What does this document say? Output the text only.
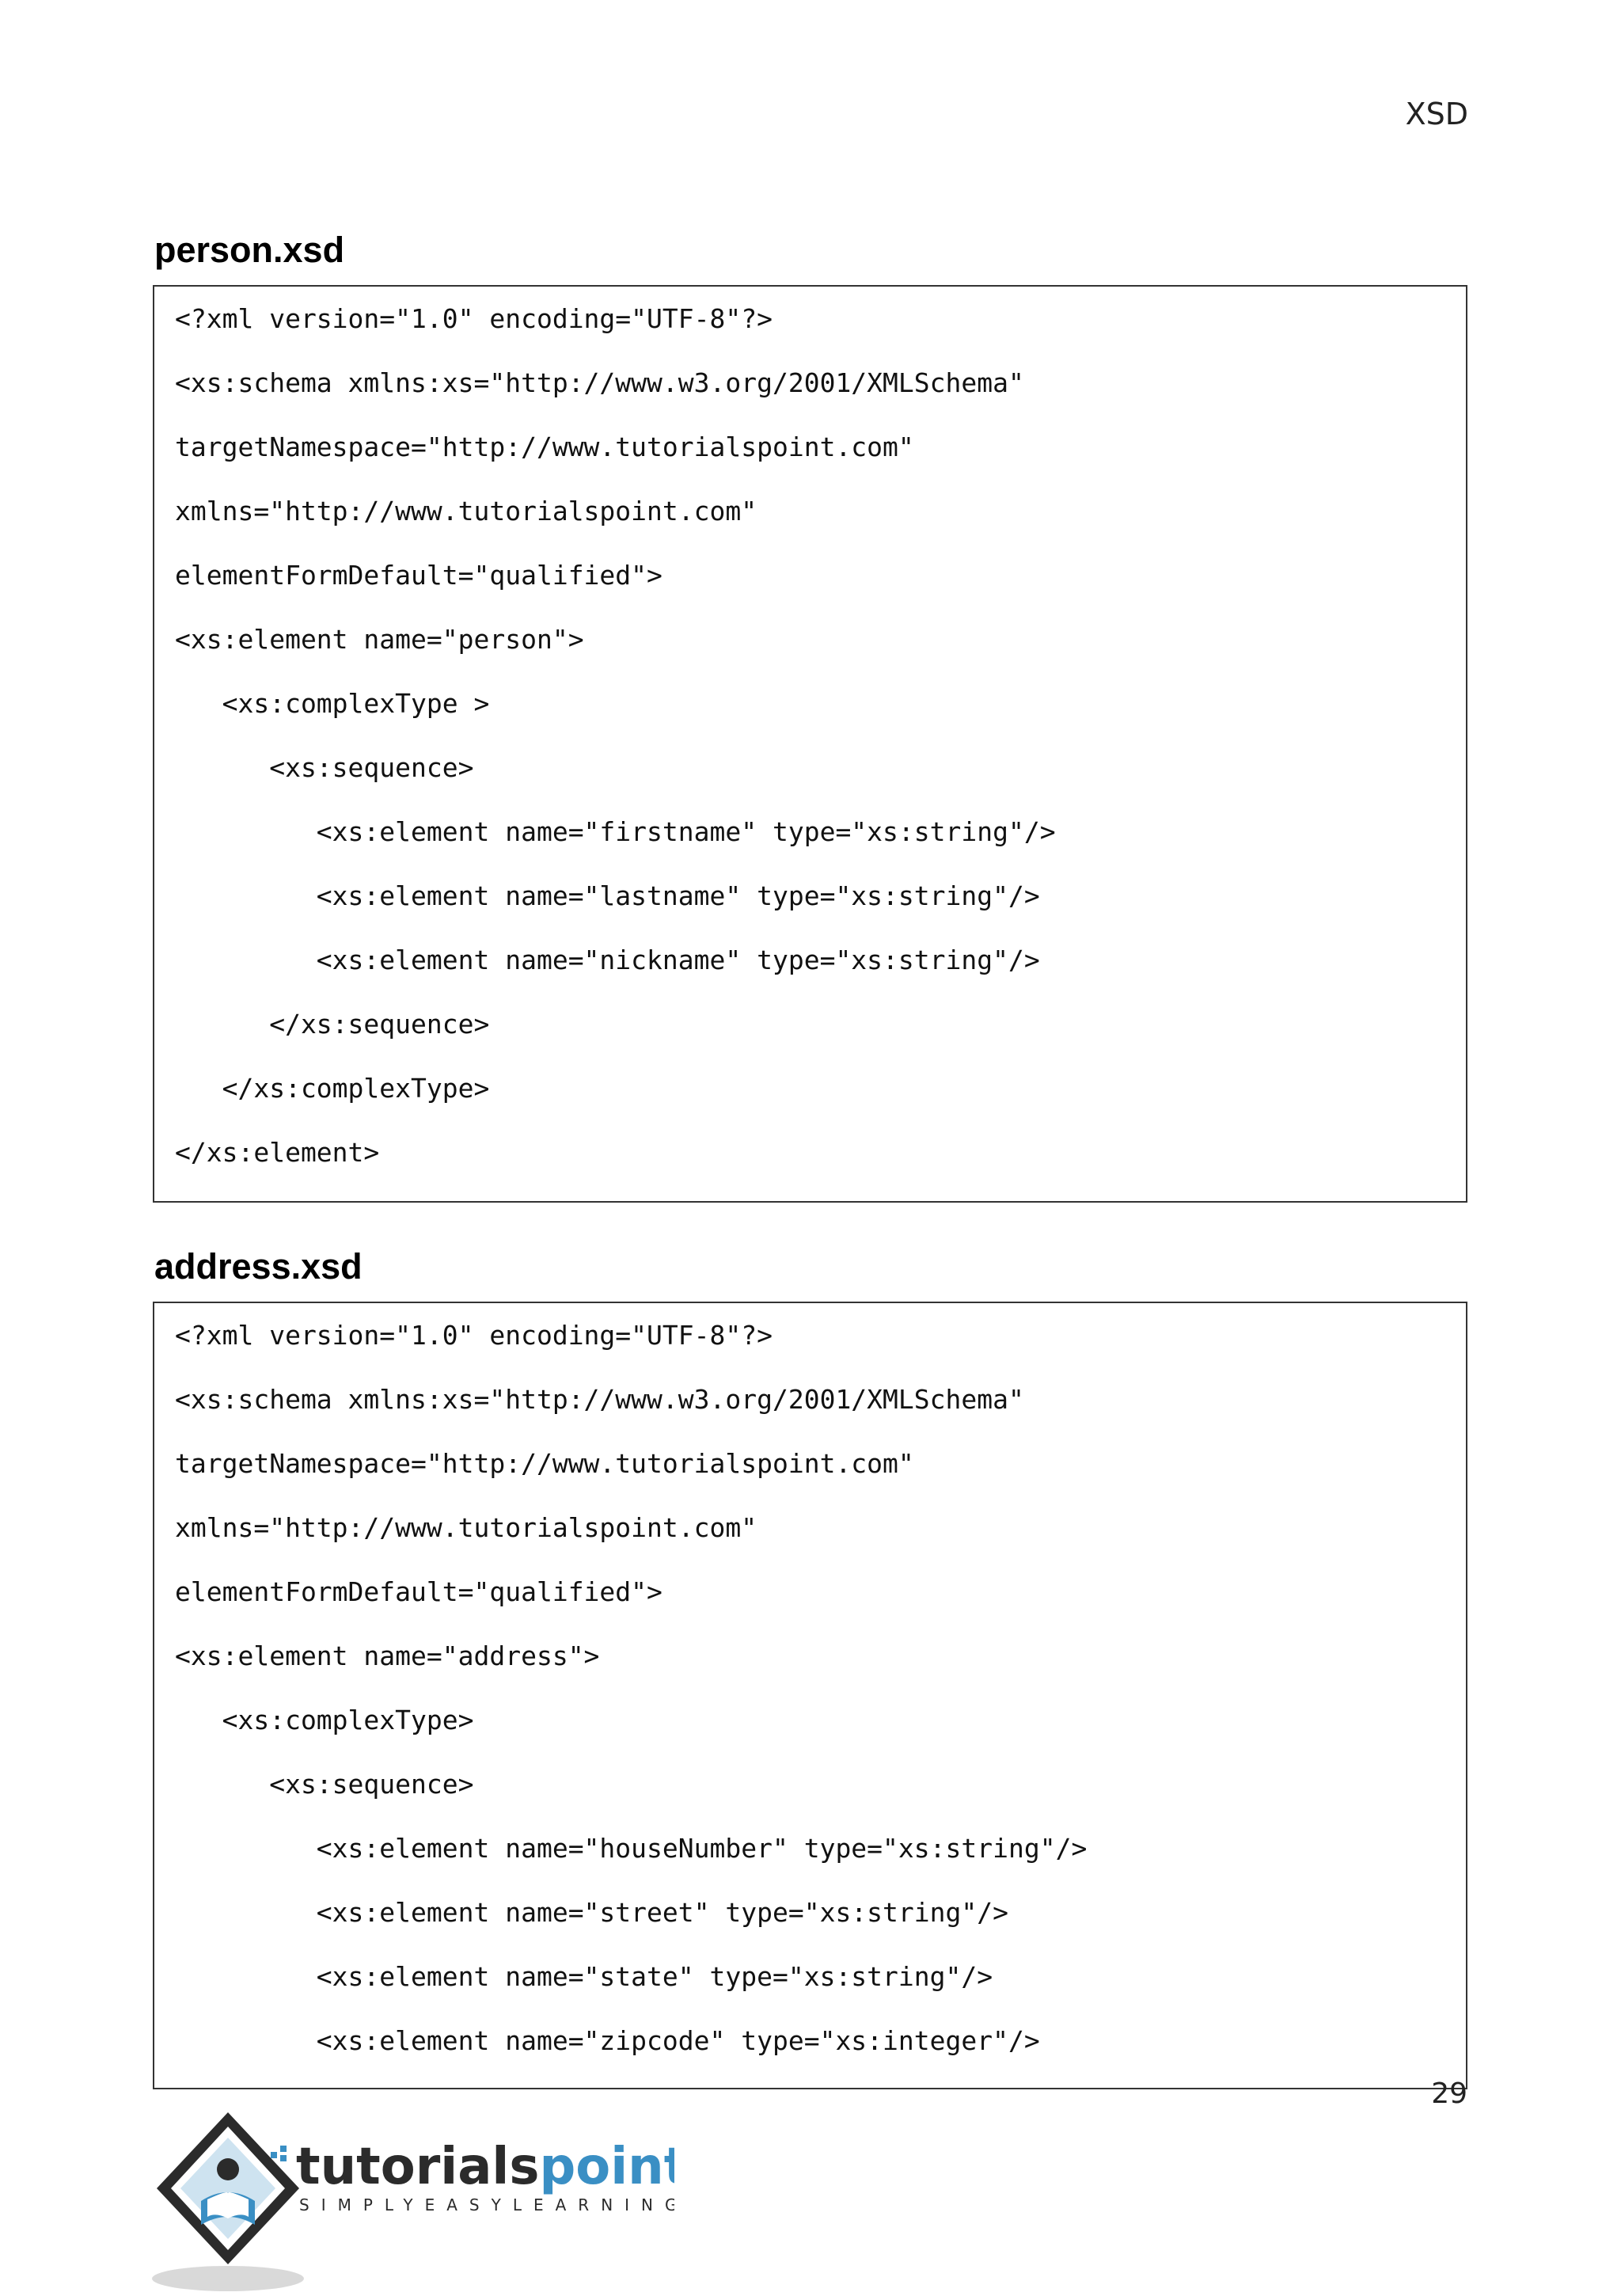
XSD
person.xsd
<?xml version="1.0" encoding="UTF-8"?>
<xs:schema xmlns:xs="http://www.w3.org/2001/XMLSchema"
targetNamespace="http://www.tutorialspoint.com"
xmlns="http://www.tutorialspoint.com"
elementFormDefault="qualified">
<xs:element name="person">
<xs:complexType >
<xs:sequence>
<xs:element name="firstname" type="xs:string"/>
<xs:element name="lastname" type="xs:string"/>
<xs:element name="nickname" type="xs:string"/>
</xs:sequence>
</xs:complexType>
</xs:element>
address.xsd
<?xml version="1.0" encoding="UTF-8"?>
<xs:schema xmlns:xs="http://www.w3.org/2001/XMLSchema"
targetNamespace="http://www.tutorialspoint.com"
xmlns="http://www.tutorialspoint.com"
elementFormDefault="qualified">
<xs:element name="address">
<xs:complexType>
<xs:sequence>
<xs:element name="houseNumber" type="xs:string"/>
<xs:element name="street" type="xs:string"/>
<xs:element name="state" type="xs:string"/>
<xs:element name="zipcode" type="xs:integer"/>
29
tutorialspoint
SIMPLYEASYLEARNING
